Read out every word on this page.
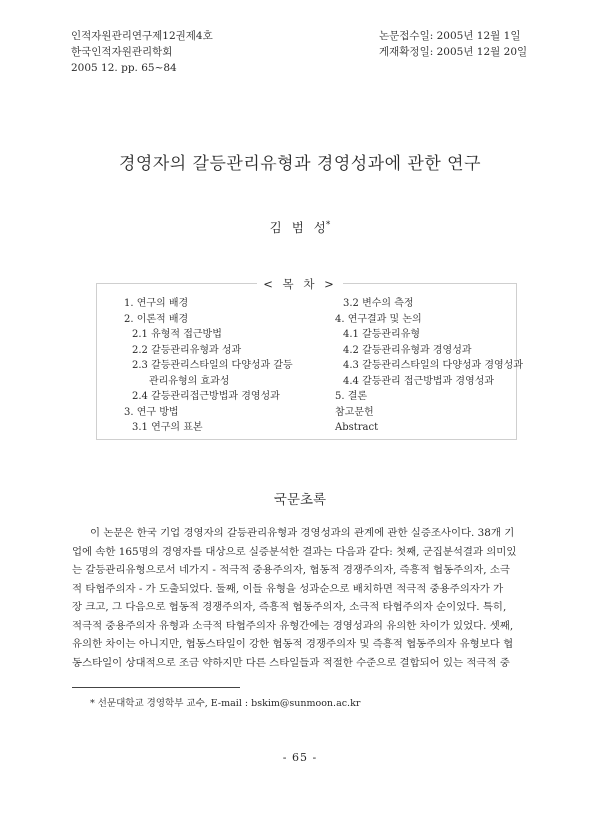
인적자원관리연구제12권제4호
한국인적자원관리학회
2005 12. pp. 65~84
논문접수일: 2005년 12월 1일
게재확정일: 2005년 12월 20일
경영자의 갈등관리유형과 경영성과에 관한 연구
김 범 성*
< 목 차 >
1. 연구의 배경
2. 이론적 배경
2.1 유형적 접근방법
2.2 갈등관리유형과 성과
2.3 갈등관리스타일의 다양성과 갈등
관리유형의 효과성
2.4 갈등관리접근방법과 경영성과
3. 연구 방법
3.1 연구의 표본
3.2 변수의 측정
4. 연구결과 및 논의
4.1 갈등관리유형
4.2 갈등관리유형과 경영성과
4.3 갈등관리스타일의 다양성과 경영성과
4.4 갈등관리 접근방법과 경영성과
5. 결론
참고문헌
Abstract
국문초록
이 논문은 한국 기업 경영자의 갈등관리유형과 경영성과의 관계에 관한 실증조사이다. 38개 기
업에 속한 165명의 경영자를 대상으로 실증분석한 결과는 다음과 같다: 첫째, 군집분석결과 의미있
는 갈등관리유형으로서 네가지 - 적극적 중용주의자, 협동적 경쟁주의자, 즉흥적 협동주의자, 소극
적 타협주의자 - 가 도출되었다. 둘째, 이들 유형을 성과순으로 배치하면 적극적 중용주의자가 가
장 크고, 그 다음으로 협동적 경쟁주의자, 즉흥적 협동주의자, 소극적 타협주의자 순이었다. 특히,
적극적 중용주의자 유형과 소극적 타협주의자 유형간에는 경영성과의 유의한 차이가 있었다. 셋째,
유의한 차이는 아니지만, 협동스타일이 강한 협동적 경쟁주의자 및 즉흥적 협동주의자 유형보다 협
동스타일이 상대적으로 조금 약하지만 다른 스타일들과 적절한 수준으로 결합되어 있는 적극적 중
* 선문대학교 경영학부 교수, E-mail : bskim@sunmoon.ac.kr
- 65 -
